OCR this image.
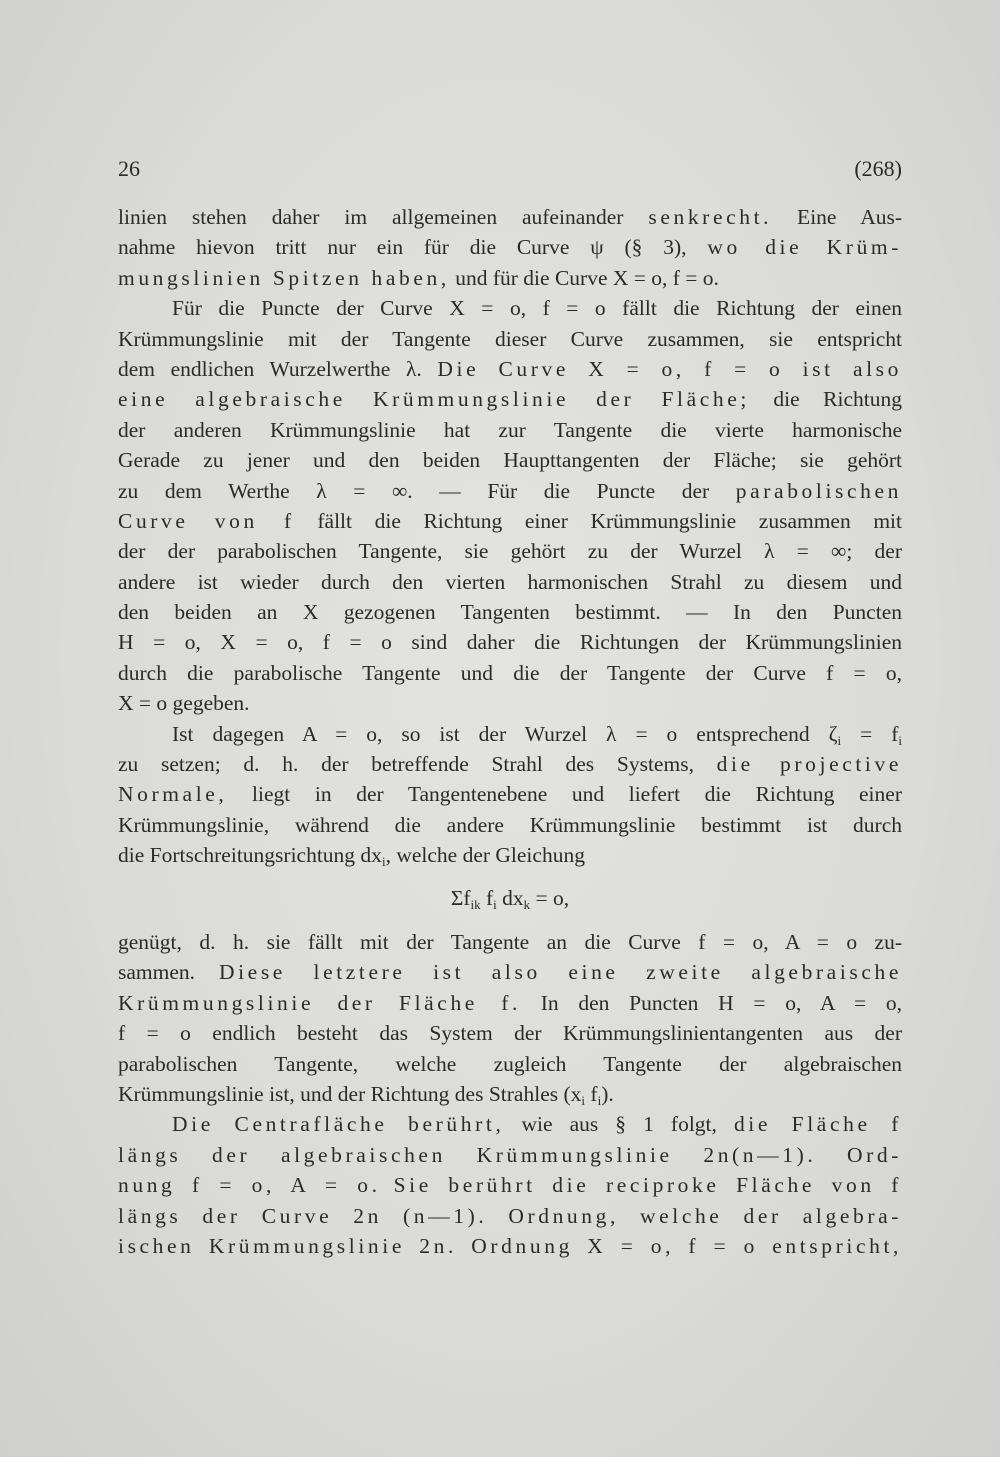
26	(268)
linien stehen daher im allgemeinen aufeinander senkrecht. Eine Aus-
nahme hievon tritt nur ein für die Curve ψ (§ 3), wo die Krüm-
mungslinien Spitzen haben, und für die Curve X = o, f = o.
Für die Puncte der Curve X = o, f = o fällt die Richtung der einen
Krümmungslinie mit der Tangente dieser Curve zusammen, sie entspricht
dem endlichen Wurzelwerthe λ. Die Curve X = o, f = o ist also
eine algebraische Krümmungslinie der Fläche; die Richtung
der anderen Krümmungslinie hat zur Tangente die vierte harmonische
Gerade zu jener und den beiden Haupttangenten der Fläche; sie gehört
zu dem Werthe λ = ∞. — Für die Puncte der parabolischen
Curve von f fällt die Richtung einer Krümmungslinie zusammen mit
der der parabolischen Tangente, sie gehört zu der Wurzel λ = ∞; der
andere ist wieder durch den vierten harmonischen Strahl zu diesem und
den beiden an X gezogenen Tangenten bestimmt. — In den Puncten
H = o, X = o, f = o sind daher die Richtungen der Krümmungslinien
durch die parabolische Tangente und die der Tangente der Curve f = o,
X = o gegeben.
Ist dagegen A = o, so ist der Wurzel λ = o entsprechend $\zeta_i = f_i$
zu setzen; d. h. der betreffende Strahl des Systems, die projective
Normale, liegt in der Tangentenebene und liefert die Richtung einer
Krümmungslinie, während die andere Krümmungslinie bestimmt ist durch
die Fortschreitungsrichtung $dx_i$, welche der Gleichung
$\Sigma f_{ik}$ $f_i$ $dx_k = o$,
genügt, d. h. sie fällt mit der Tangente an die Curve f = o, A = o zu-
sammen. Diese letztere ist also eine zweite algebraische
Krümmungslinie der Fläche f. In den Puncten H = o, A = o,
f = o endlich besteht das System der Krümmungslinientangenten aus der
parabolischen Tangente, welche zugleich Tangente der algebraischen
Krümmungslinie ist, und der Richtung des Strahles ($x_i$ $f_i$).
Die Centrafläche berührt, wie aus § 1 folgt, die Fläche f
längs der algebraischen Krümmungslinie 2n(n—1). Ord-
nung f = o, A = o. Sie berührt die reciproke Fläche von f
längs der Curve 2n (n—1). Ordnung, welche der algebra-
ischen Krümmungslinie 2n. Ordnung X = o, f = o entspricht,
